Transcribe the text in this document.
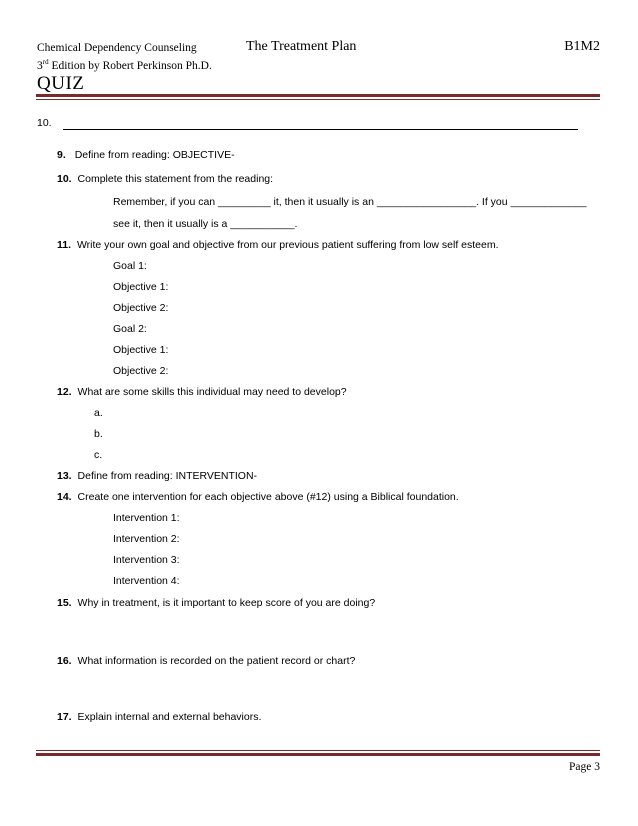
Chemical Dependency Counseling
3rd Edition by Robert Perkinson Ph.D.
The Treatment Plan	B1M2
QUIZ
10.
9. Define from reading: OBJECTIVE-
10. Complete this statement from the reading:
Remember, if you can _________ it, then it usually is an _________________. If you _____________
see it, then it usually is a ___________.
11. Write your own goal and objective from our previous patient suffering from low self esteem.
Goal 1:
Objective 1:
Objective 2:
Goal 2:
Objective 1:
Objective 2:
12. What are some skills this individual may need to develop?
a.
b.
c.
13. Define from reading: INTERVENTION-
14. Create one intervention for each objective above (#12) using a Biblical foundation.
Intervention 1:
Intervention 2:
Intervention 3:
Intervention 4:
15. Why in treatment, is it important to keep score of you are doing?
16. What information is recorded on the patient record or chart?
17. Explain internal and external behaviors.
Page 3
